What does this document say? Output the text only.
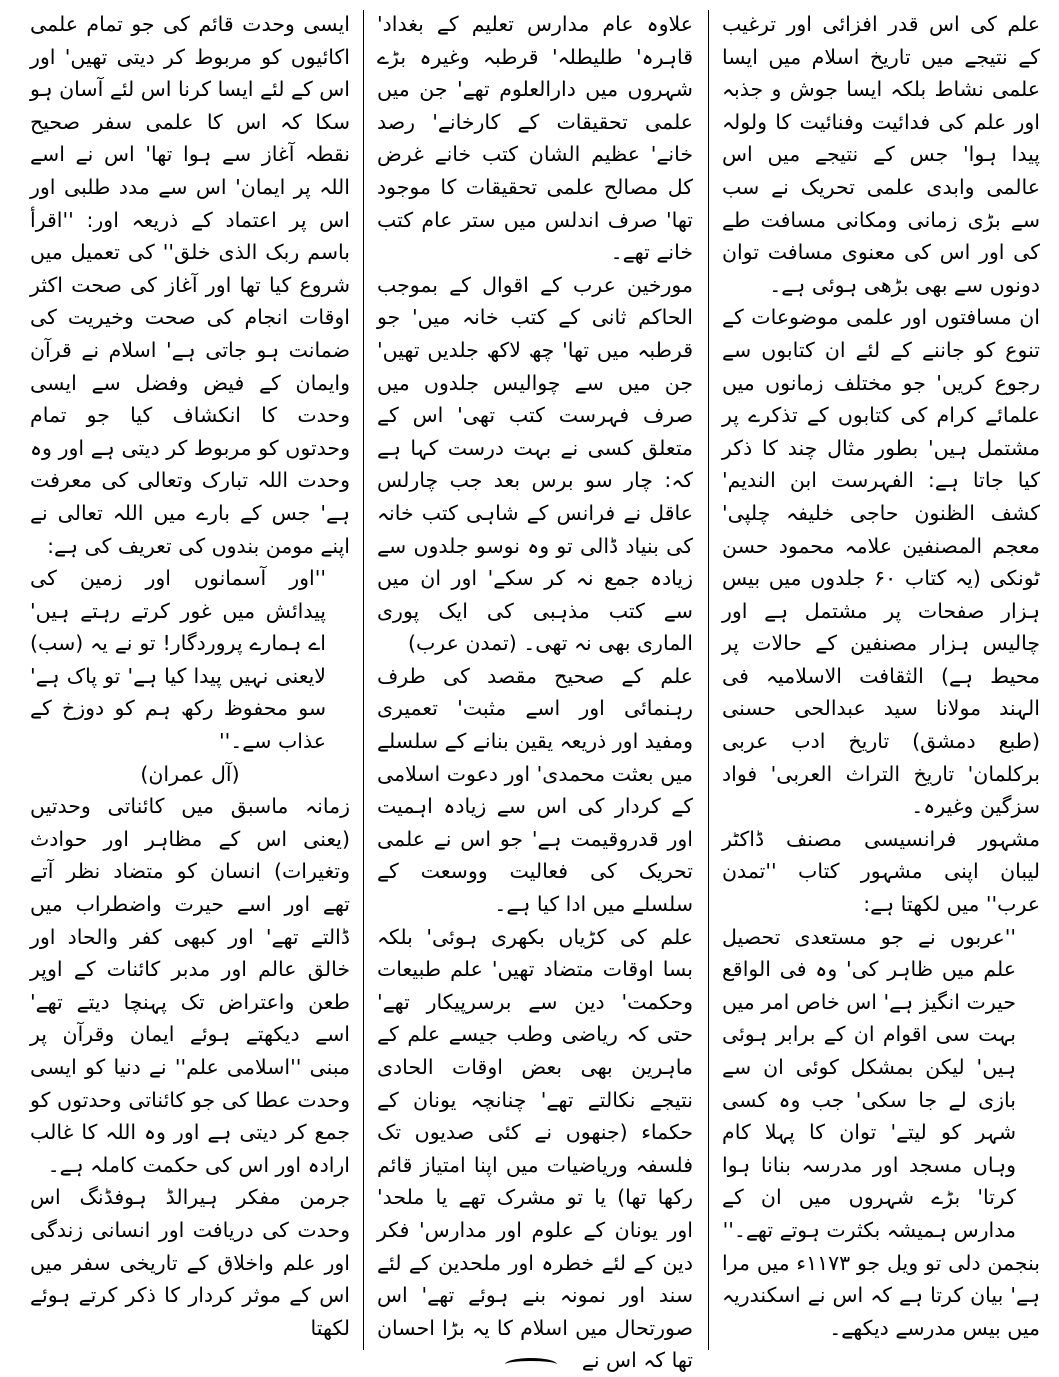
علم کی اس قدر افزائی اور ترغیب کے نتیجے میں تاریخ اسلام میں ایسا علمی نشاط بلکہ ایسا جوش و جذبہ اور علم کی فدائیت وفنائیت کا ولولہ پیدا ہوا' جس کے نتیجے میں اس عالمی وابدی علمی تحریک نے سب سے بڑی زمانی ومکانی مسافت طے کی اور اس کی معنوی مسافت توان دونوں سے بھی بڑھی ہوئی ہے۔

ان مسافتوں اور علمی موضوعات کے تنوع کو جاننے کے لئے ان کتابوں سے رجوع کریں' جو مختلف زمانوں میں علمائے کرام کی کتابوں کے تذکرے پر مشتمل ہیں' بطور مثال چند کا ذکر کیا جاتا ہے: الفہرست ابن الندیم' کشف الظنون حاجی خلیفہ چلپی' معجم المصنفین علامہ محمود حسن ٹونکی (یہ کتاب ۶۰ جلدوں میں بیس ہزار صفحات پر مشتمل ہے اور چالیس ہزار مصنفین کے حالات پر محیط ہے) الثقافت الاسلامیہ فی الہند مولانا سید عبدالحی حسنی (طبع دمشق) تاریخ ادب عربی برکلمان' تاریخ التراث العربی' فواد سزگین وغیرہ۔

مشہور فرانسیسی مصنف ڈاکٹر لیبان اپنی مشہور کتاب ''تمدن عرب'' میں لکھتا ہے:

''عربوں نے جو مستعدی تحصیل علم میں ظاہر کی' وہ فی الواقع حیرت انگیز ہے' اس خاص امر میں بہت سی اقوام ان کے برابر ہوئی ہیں' لیکن بمشکل کوئی ان سے بازی لے جا سکی' جب وہ کسی شہر کو لیتے' توان کا پہلا کام وہاں مسجد اور مدرسہ بنانا ہوا کرتا' بڑے شہروں میں ان کے مدارس ہمیشہ بکثرت ہوتے تھے۔''

بنجمن دلی تو ویل جو ۱۱۷۳ء میں مرا ہے' بیان کرتا ہے کہ اس نے اسکندریہ میں بیس مدرسے دیکھے۔

علاوہ عام مدارس تعلیم کے بغداد' قاہرہ' طلیطلہ' قرطبہ وغیرہ بڑے شہروں میں دارالعلوم تھے' جن میں علمی تحقیقات کے کارخانے' رصد خانے' عظیم الشان کتب خانے غرض کل مصالح علمی تحقیقات کا موجود تھا' صرف اندلس میں ستر عام کتب خانے تھے۔

مورخین عرب کے اقوال کے بموجب الحاکم ثانی کے کتب خانہ میں' جو قرطبہ میں تھا' چھ لاکھ جلدیں تھیں' جن میں سے چوالیس جلدوں میں صرف فہرست کتب تھی' اس کے متعلق کسی نے بہت درست کہا ہے کہ: چار سو برس بعد جب چارلس عاقل نے فرانس کے شاہی کتب خانہ کی بنیاد ڈالی تو وہ نوسو جلدوں سے زیادہ جمع نہ کر سکے' اور ان میں سے کتب مذہبی کی ایک پوری الماری بھی نہ تھی۔ (تمدن عرب)

علم کے صحیح مقصد کی طرف رہنمائی اور اسے مثبت' تعمیری ومفید اور ذریعہ یقین بنانے کے سلسلے میں بعثت محمدی' اور دعوت اسلامی کے کردار کی اس سے زیادہ اہمیت اور قدروقیمت ہے' جو اس نے علمی تحریک کی فعالیت ووسعت کے سلسلے میں ادا کیا ہے۔

علم کی کڑیاں بکھری ہوئی' بلکہ بسا اوقات متضاد تھیں' علم طبیعات وحکمت' دین سے برسرپیکار تھے' حتی کہ ریاضی وطب جیسے علم کے ماہرین بھی بعض اوقات الحادی نتیجے نکالتے تھے' چنانچہ یونان کے حکماء (جنھوں نے کئی صدیوں تک فلسفہ وریاضیات میں اپنا امتیاز قائم رکھا تھا) یا تو مشرک تھے یا ملحد' اور یونان کے علوم اور مدارس' فکر دین کے لئے خطرہ اور ملحدین کے لئے سند اور نمونہ بنے ہوئے تھے' اس صورتحال میں اسلام کا یہ بڑا احسان تھا کہ اس نے

ایسی وحدت قائم کی جو تمام علمی اکائیوں کو مربوط کر دیتی تھیں' اور اس کے لئے ایسا کرنا اس لئے آسان ہو سکا کہ اس کا علمی سفر صحیح نقطہ آغاز سے ہوا تھا' اس نے اسے اللہ پر ایمان' اس سے مدد طلبی اور اس پر اعتماد کے ذریعہ اور: ''اقرأ باسم ربک الذی خلق'' کی تعمیل میں شروع کیا تھا اور آغاز کی صحت اکثر اوقات انجام کی صحت وخیریت کی ضمانت ہو جاتی ہے' اسلام نے قرآن وایمان کے فیض وفضل سے ایسی وحدت کا انکشاف کیا جو تمام وحدتوں کو مربوط کر دیتی ہے اور وہ وحدت اللہ تبارک وتعالی کی معرفت ہے' جس کے بارے میں اللہ تعالی نے اپنے مومن بندوں کی تعریف کی ہے:

''اور آسمانوں اور زمین کی پیدائش میں غور کرتے رہتے ہیں' اے ہمارے پروردگار! تو نے یہ (سب) لایعنی نہیں پیدا کیا ہے' تو پاک ہے' سو محفوظ رکھ ہم کو دوزخ کے عذاب سے۔''

(آل عمران)

زمانہ ماسبق میں کائناتی وحدتیں (یعنی اس کے مظاہر اور حوادث وتغیرات) انسان کو متضاد نظر آتے تھے اور اسے حیرت واضطراب میں ڈالتے تھے' اور کبھی کفر والحاد اور خالق عالم اور مدبر کائنات کے اوپر طعن واعتراض تک پہنچا دیتے تھے' اسے دیکھتے ہوئے ایمان وقرآن پر مبنی ''اسلامی علم'' نے دنیا کو ایسی وحدت عطا کی جو کائناتی وحدتوں کو جمع کر دیتی ہے اور وہ اللہ کا غالب ارادہ اور اس کی حکمت کاملہ ہے۔

جرمن مفکر ہیرالڈ ہوفڈنگ اس وحدت کی دریافت اور انسانی زندگی اور علم واخلاق کے تاریخی سفر میں اس کے موثر کردار کا ذکر کرتے ہوئے لکھتا
